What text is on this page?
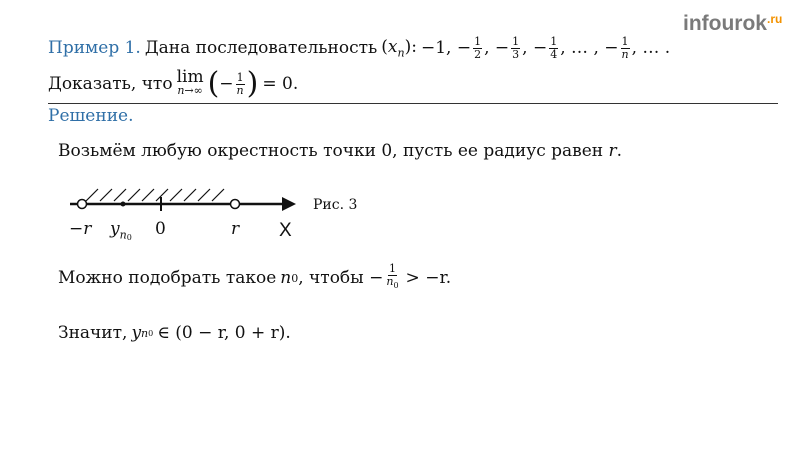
infourok$^{.ru}$
Пример 1. Дана последовательность $(x_n)$: −1, − $\frac{1}{2}$ , − $\frac{1}{3}$ , − $\frac{1}{4}$ , … , − $\frac{1}{n}$ , … .
Доказать, что lim
n→∞ ( − $\frac{1}{n}$ ) = 0.
Решение.
Возьмём любую окрестность точки 0, пусть ее радиус равен r.
−r $y_{n0}$ 0	r X
Рис. 3
Можно подобрать такое n 0 , чтобы − $\frac{1}{n_0} > -r$.
Значит, y n 0 ∈ (0 − r, 0 + r).
